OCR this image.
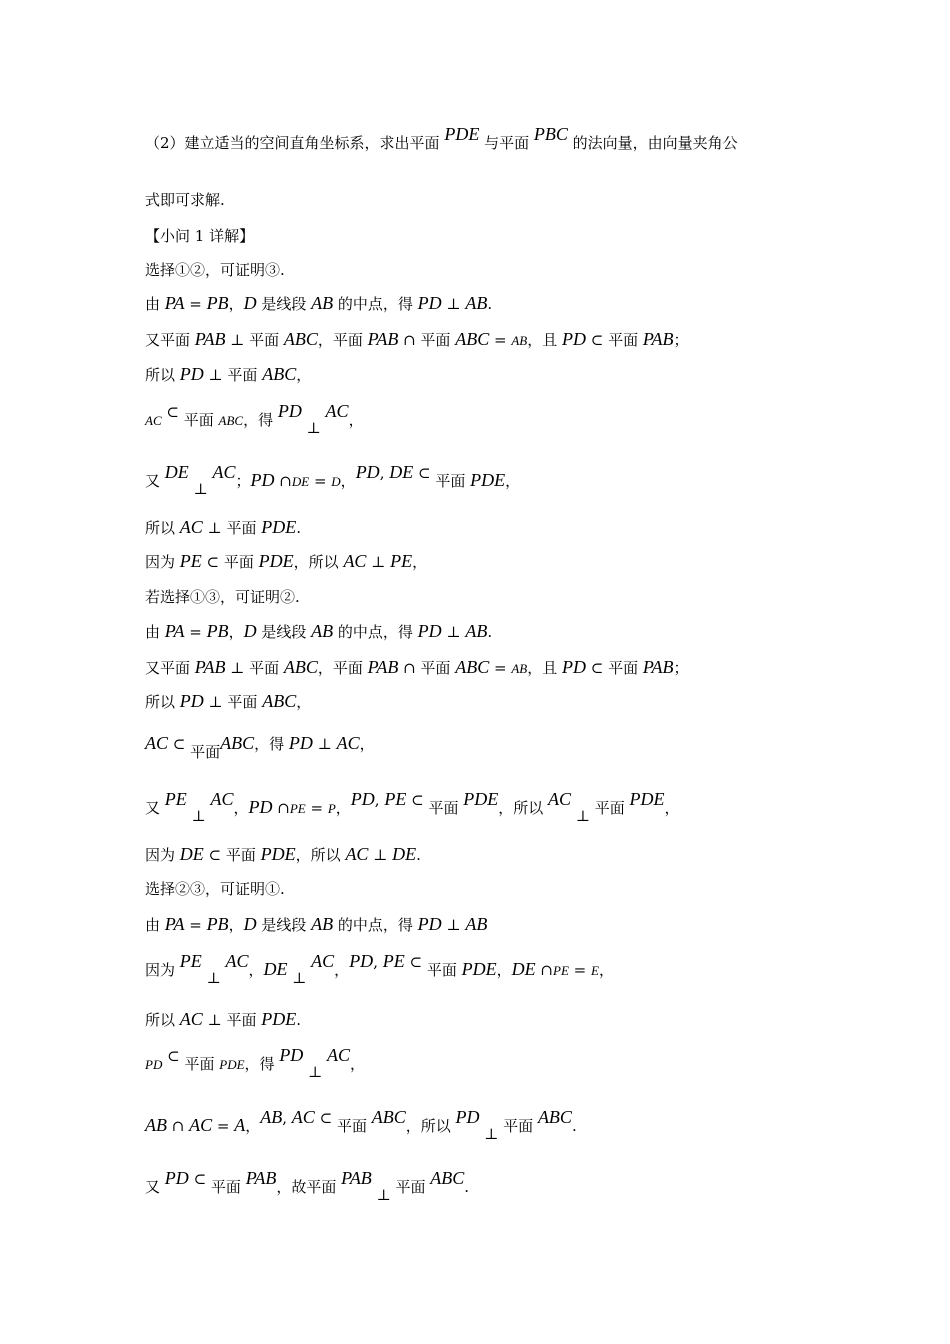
（2）建立适当的空间直角坐标系，求出平面 PDE 与平面 PBC 的法向量，由向量夹角公
式即可求解.
【小问 1 详解】
选择①②，可证明③.
由 PA = PB，D 是线段 AB 的中点，得 PD ⊥ AB.
又平面 PAB ⊥ 平面 ABC，平面 PAB ∩ 平面 ABC = AB，且 PD ⊂ 平面 PAB；
所以 PD ⊥ 平面 ABC，
AC ⊂ 平面 ABC，得 PD ⊥ AC，
又 DE ⊥ AC；PD ∩DE = D，PD, DE ⊂ 平面 PDE，
所以 AC ⊥ 平面 PDE.
因为 PE ⊂ 平面 PDE，所以 AC ⊥ PE，
若选择①③，可证明②.
由 PA = PB，D 是线段 AB 的中点，得 PD ⊥ AB.
又平面 PAB ⊥ 平面 ABC，平面 PAB ∩ 平面 ABC = AB，且 PD ⊂ 平面 PAB；
所以 PD ⊥ 平面 ABC，
AC ⊂ 平面ABC，得 PD ⊥ AC，
又 PE ⊥ AC，PD ∩PE = P，PD, PE ⊂ 平面 PDE，所以 AC ⊥ 平面 PDE，
因为 DE ⊂ 平面 PDE，所以 AC ⊥ DE.
选择②③，可证明①.
由 PA = PB，D 是线段 AB 的中点，得 PD ⊥ AB
因为 PE ⊥ AC，DE ⊥ AC，PD, PE ⊂ 平面 PDE，DE ∩PE = E，
所以 AC ⊥ 平面 PDE.
PD ⊂ 平面 PDE，得 PD ⊥ AC，
AB ∩ AC = A，AB, AC ⊂ 平面 ABC，所以 PD ⊥ 平面 ABC.
又 PD ⊂ 平面 PAB，故平面 PAB ⊥ 平面 ABC.
